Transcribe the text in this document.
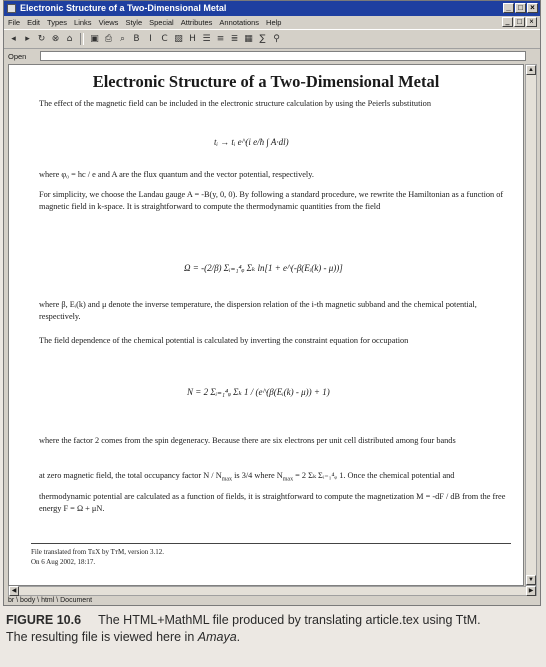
Electronic Structure of a Two-Dimensional Metal	_ □ ×
File Edit Types Links Views Style Special Attributes Annotations Help	_ □ ×
◂	▸ ↻ ⊗ ⌂ ▣ ⎙ ⌕ B	I	C ▨ H ☰ ≡ ≣ ▦ ∑ ⚲
Open
Electronic Structure of a Two-Dimensional Metal
The effect of the magnetic field can be included in the electronic structure calculation by using the Peierls substitution
tᵢ → tᵢ e^(i e/ħ ∫ A·dl)
where φ₀ = hc / e and A are the flux quantum and the vector potential, respectively.
For simplicity, we choose the Landau gauge A = -B(y, 0, 0). By following a standard procedure, we rewrite the Hamiltonian as a function of magnetic field in k-space. It is straightforward to compute the thermodynamic quantities from the field
Ω = -(2/β) Σᵢ₌₁⁴ᵩ Σₖ ln[1 + e^(-β(Eᵢ(k) - μ))]
where β, Eᵢ(k) and μ denote the inverse temperature, the dispersion relation of the i-th magnetic subband and the chemical potential, respectively.
The field dependence of the chemical potential is calculated by inverting the constraint equation for occupation
N = 2 Σᵢ₌₁⁴ᵩ Σₖ 1 / (e^(β(Eᵢ(k) - μ)) + 1)
where the factor 2 comes from the spin degeneracy. Because there are six electrons per unit cell distributed among four bands
at zero magnetic field, the total occupancy factor N / $N_{max}$ is 3/4 where $N_{max} = 2$ Σₖ Σᵢ₌₁⁴ᵩ 1. Once the chemical potential and
thermodynamic potential are calculated as a function of fields, it is straightforward to compute the magnetization M = -dF / dB from the free energy F = Ω + μN.
File translated from TᴇX by TᴛM, version 3.12.
On 6 Aug 2002, 18:17.
▲
▼
◀	▶
br \ body \ html \ Document
FIGURE 10.6 The HTML+MathML file produced by translating article.tex using TtM.
The resulting file is viewed here in Amaya.
